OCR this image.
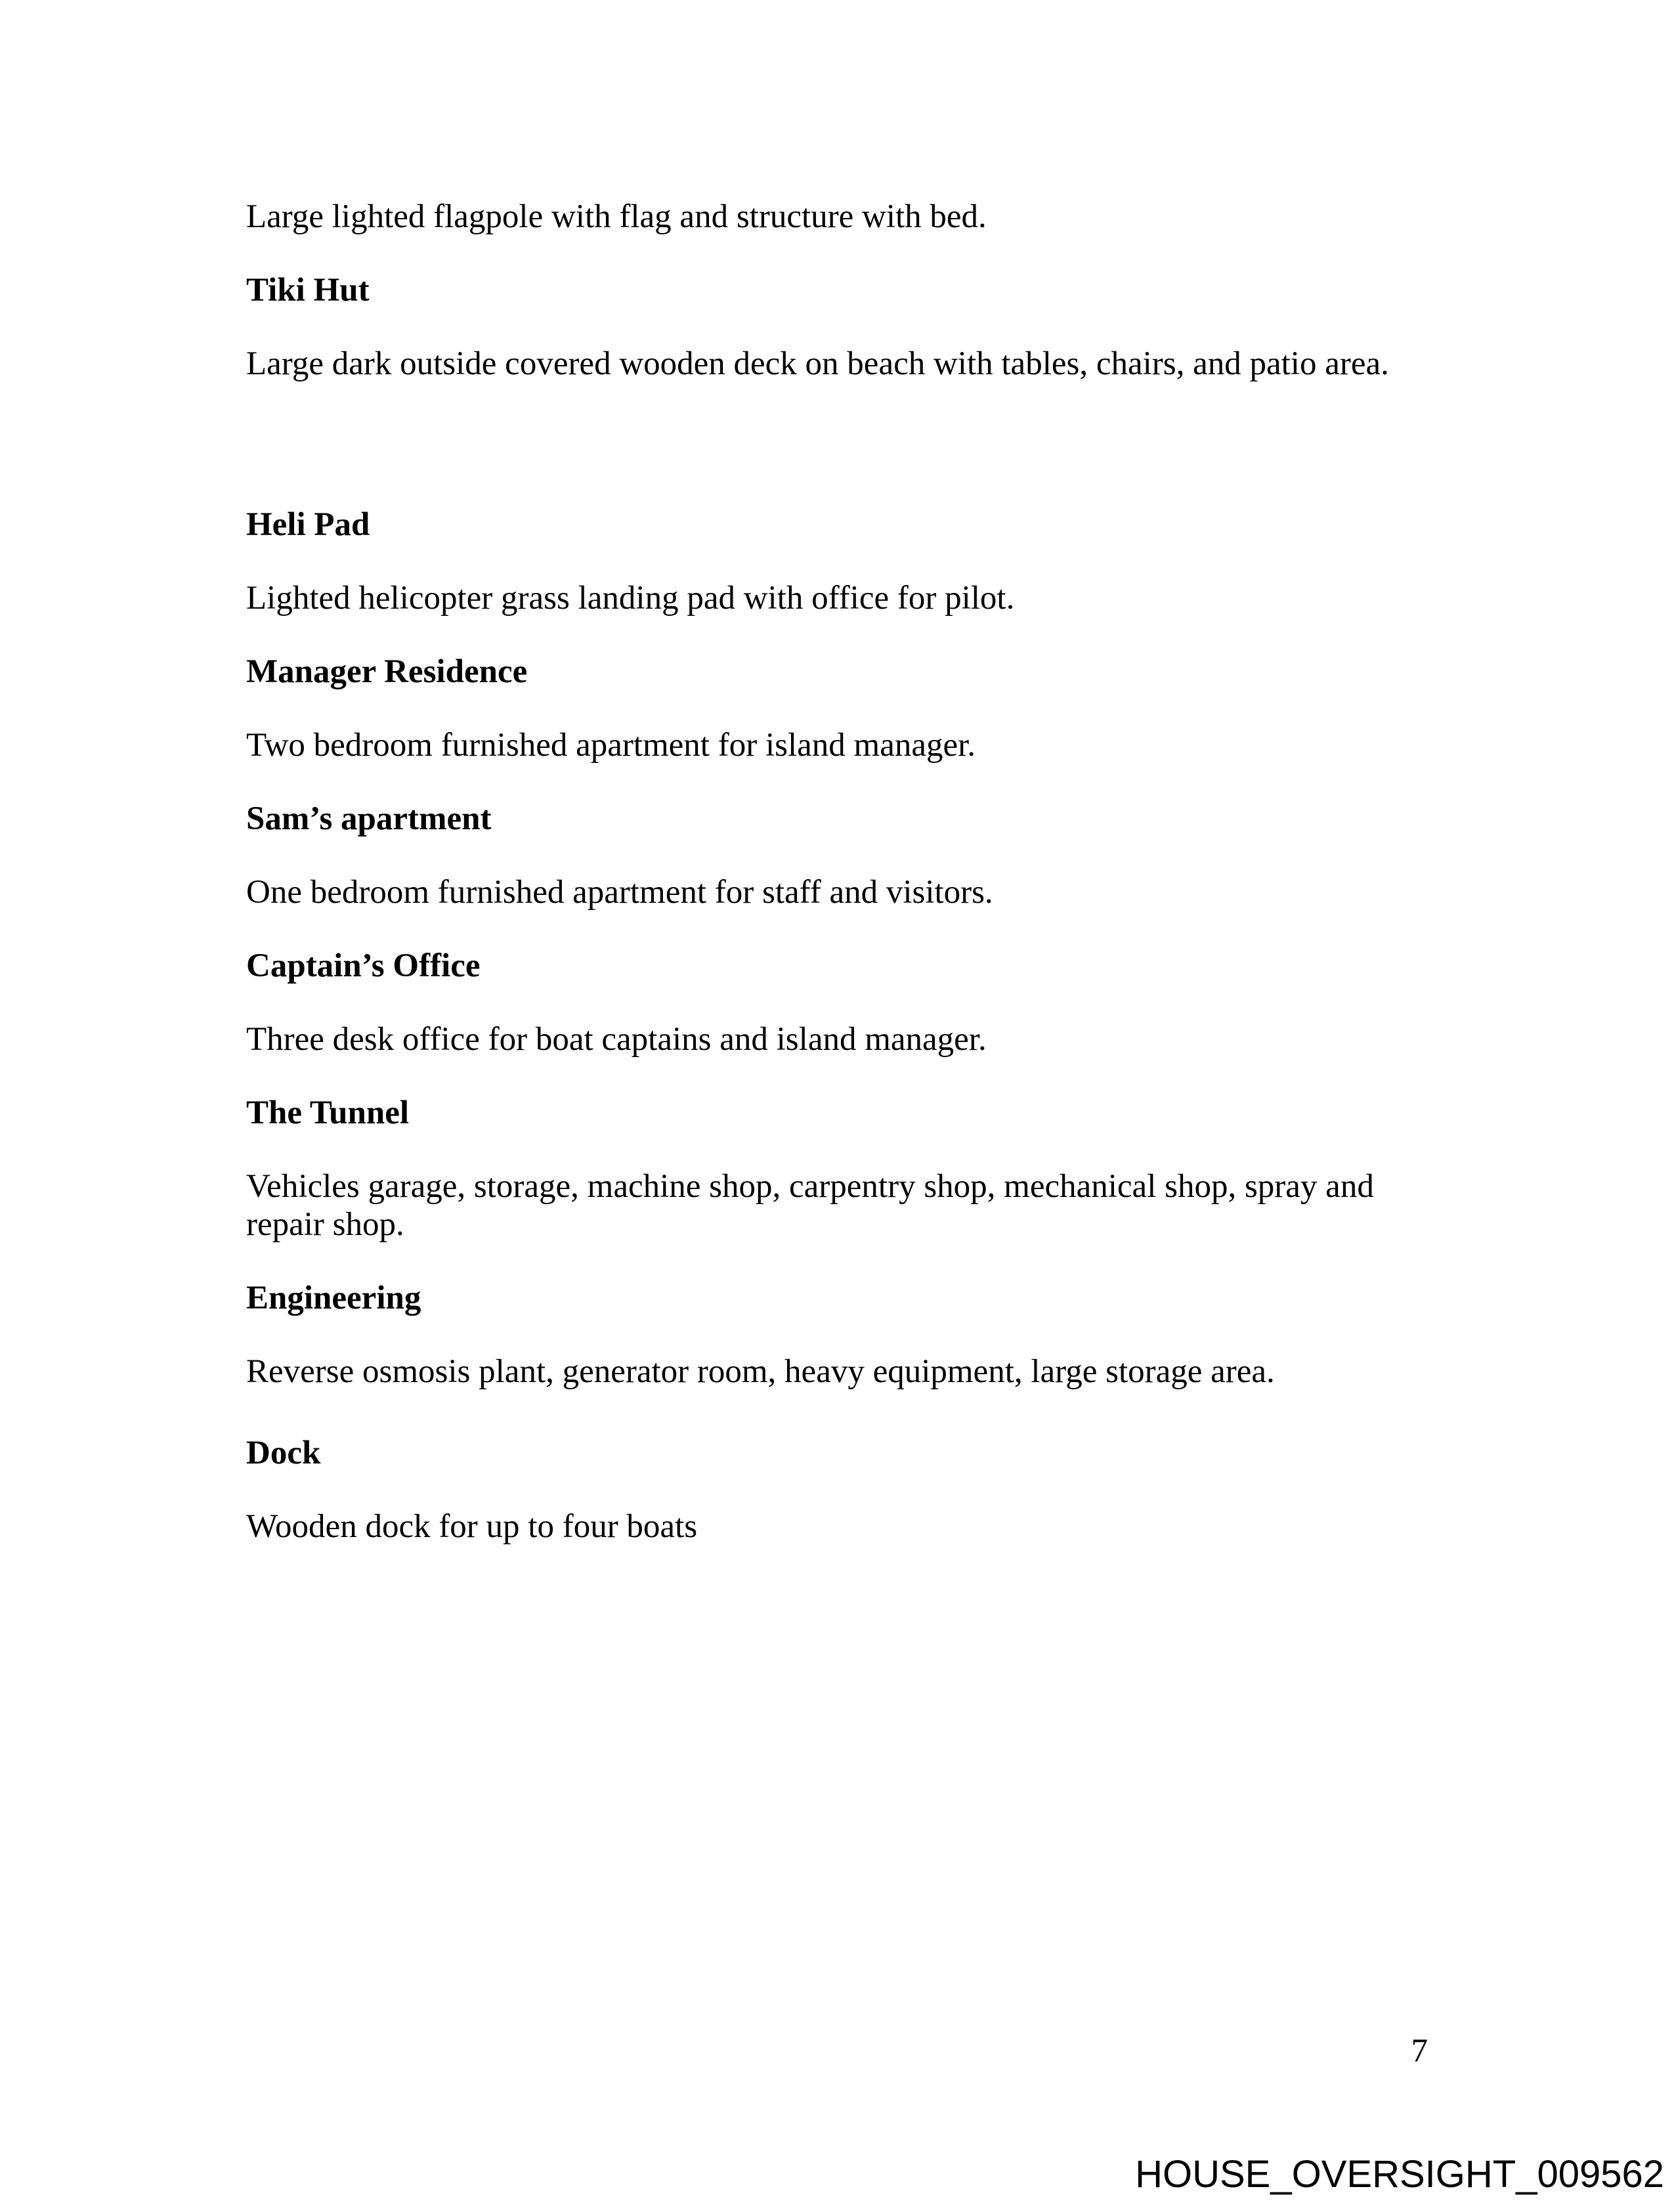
Large lighted flagpole with flag and structure with bed.

Tiki Hut

Large dark outside covered wooden deck on beach with tables, chairs, and patio area.

Heli Pad

Lighted helicopter grass landing pad with office for pilot.

Manager Residence

Two bedroom furnished apartment for island manager.

Sam’s apartment

One bedroom furnished apartment for staff and visitors.

Captain’s Office

Three desk office for boat captains and island manager.

The Tunnel

Vehicles garage, storage, machine shop, carpentry shop, mechanical shop, spray and repair shop.

Engineering

Reverse osmosis plant, generator room, heavy equipment, large storage area.

Dock

Wooden dock for up to four boats

7
HOUSE_OVERSIGHT_009562
